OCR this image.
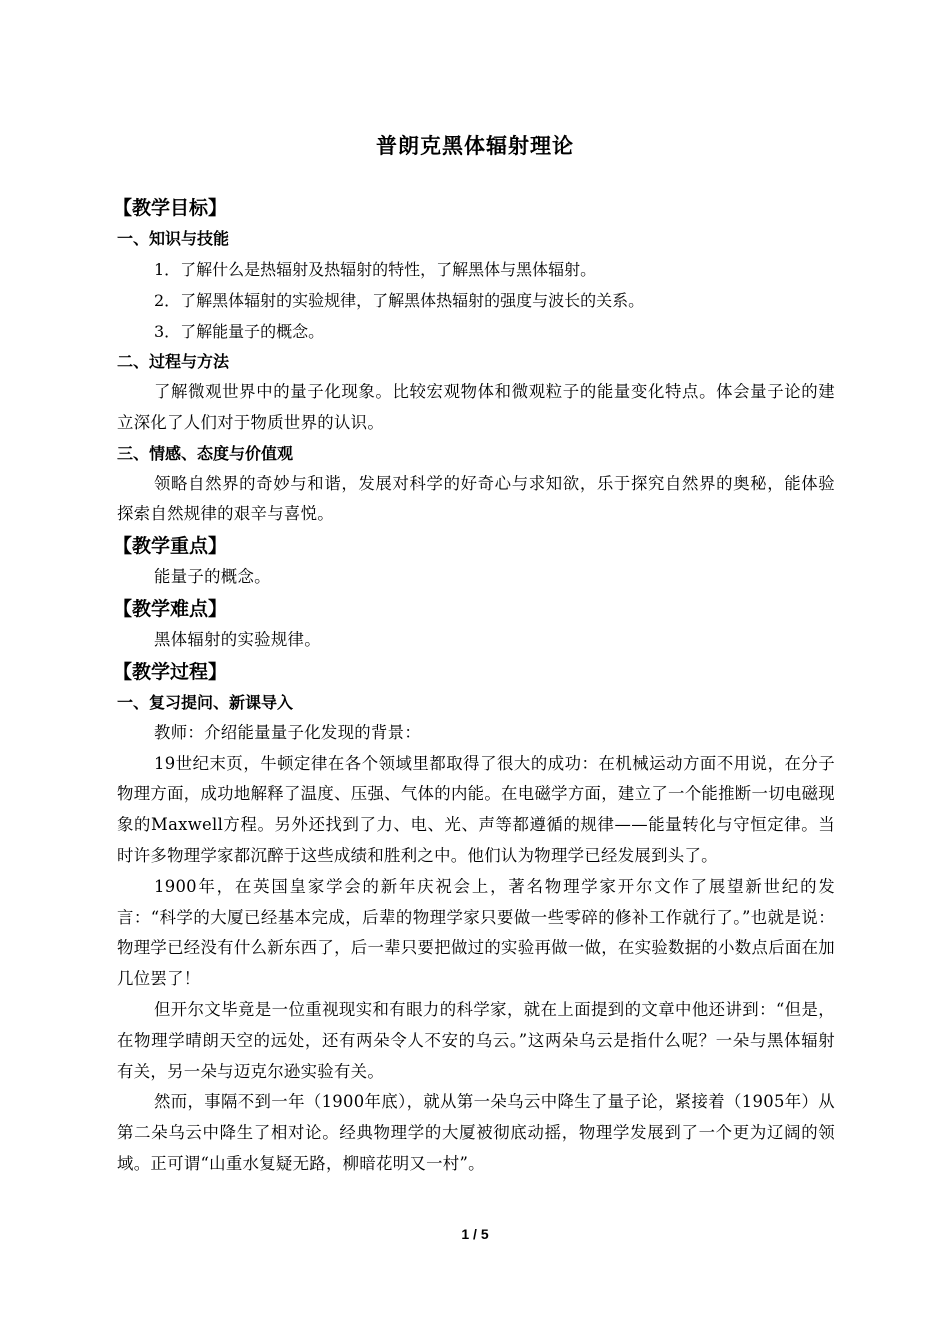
普朗克黑体辐射理论
【教学目标】
一、知识与技能
1．了解什么是热辐射及热辐射的特性，了解黑体与黑体辐射。
2．了解黑体辐射的实验规律，了解黑体热辐射的强度与波长的关系。
3．了解能量子的概念。
二、过程与方法
了解微观世界中的量子化现象。比较宏观物体和微观粒子的能量变化特点。体会量子论的建立深化了人们对于物质世界的认识。
三、情感、态度与价值观
领略自然界的奇妙与和谐，发展对科学的好奇心与求知欲，乐于探究自然界的奥秘，能体验探索自然规律的艰辛与喜悦。
【教学重点】
能量子的概念。
【教学难点】
黑体辐射的实验规律。
【教学过程】
一、复习提问、新课导入
教师：介绍能量量子化发现的背景：
19世纪末页，牛顿定律在各个领域里都取得了很大的成功：在机械运动方面不用说，在分子物理方面，成功地解释了温度、压强、气体的内能。在电磁学方面，建立了一个能推断一切电磁现象的Maxwell方程。另外还找到了力、电、光、声等都遵循的规律——能量转化与守恒定律。当时许多物理学家都沉醉于这些成绩和胜利之中。他们认为物理学已经发展到头了。
1900年，在英国皇家学会的新年庆祝会上，著名物理学家开尔文作了展望新世纪的发言：“科学的大厦已经基本完成，后辈的物理学家只要做一些零碎的修补工作就行了。”也就是说：物理学已经没有什么新东西了，后一辈只要把做过的实验再做一做，在实验数据的小数点后面在加几位罢了！
但开尔文毕竟是一位重视现实和有眼力的科学家，就在上面提到的文章中他还讲到：“但是，在物理学晴朗天空的远处，还有两朵令人不安的乌云。”这两朵乌云是指什么呢？一朵与黑体辐射有关，另一朵与迈克尔逊实验有关。
然而，事隔不到一年（1900年底），就从第一朵乌云中降生了量子论，紧接着（1905年）从第二朵乌云中降生了相对论。经典物理学的大厦被彻底动摇，物理学发展到了一个更为辽阔的领域。正可谓“山重水复疑无路，柳暗花明又一村”。
1 / 5
